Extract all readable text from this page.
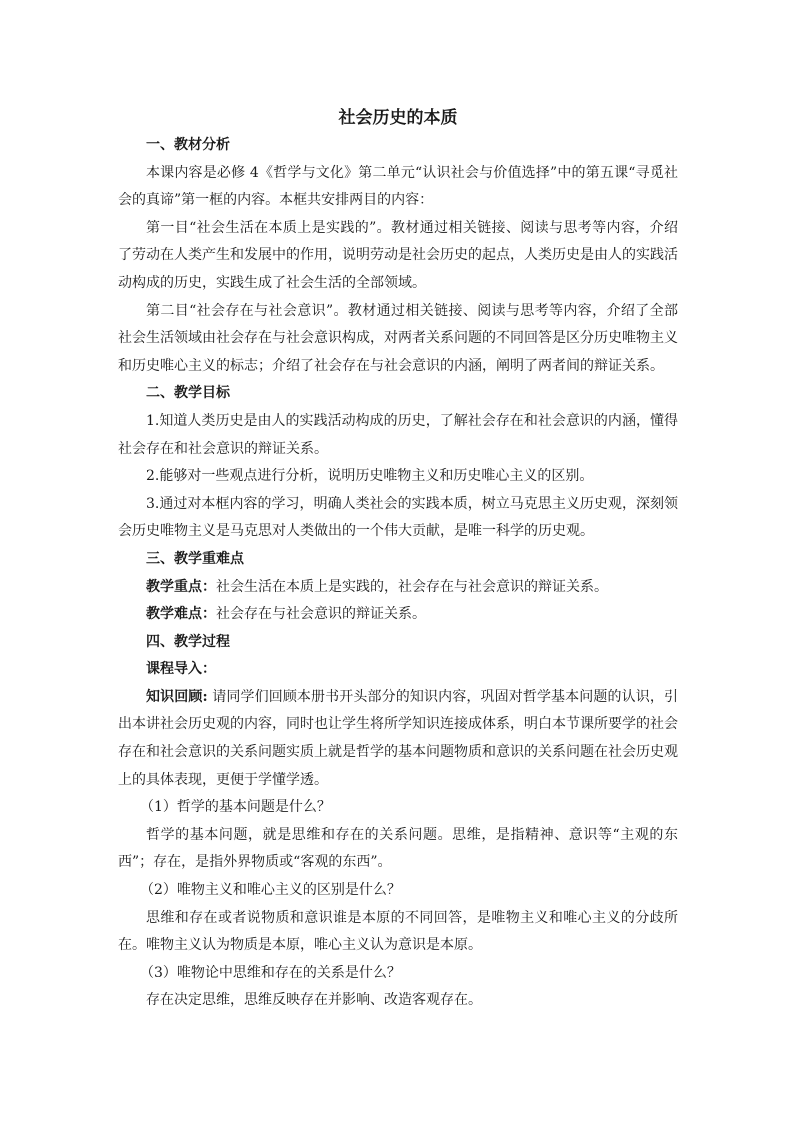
社会历史的本质

一、教材分析

本课内容是必修 4《哲学与文化》第二单元“认识社会与价值选择”中的第五课“寻觅社会的真谛”第一框的内容。本框共安排两目的内容：

第一目“社会生活在本质上是实践的”。教材通过相关链接、阅读与思考等内容，介绍了劳动在人类产生和发展中的作用，说明劳动是社会历史的起点，人类历史是由人的实践活动构成的历史，实践生成了社会生活的全部领域。

第二目“社会存在与社会意识”。教材通过相关链接、阅读与思考等内容，介绍了全部社会生活领域由社会存在与社会意识构成，对两者关系问题的不同回答是区分历史唯物主义和历史唯心主义的标志；介绍了社会存在与社会意识的内涵，阐明了两者间的辩证关系。

二、教学目标

1.知道人类历史是由人的实践活动构成的历史，了解社会存在和社会意识的内涵，懂得社会存在和社会意识的辩证关系。

2.能够对一些观点进行分析，说明历史唯物主义和历史唯心主义的区别。

3.通过对本框内容的学习，明确人类社会的实践本质，树立马克思主义历史观，深刻领会历史唯物主义是马克思对人类做出的一个伟大贡献，是唯一科学的历史观。

三、教学重难点

教学重点：社会生活在本质上是实践的，社会存在与社会意识的辩证关系。

教学难点：社会存在与社会意识的辩证关系。

四、教学过程

课程导入：

知识回顾: 请同学们回顾本册书开头部分的知识内容，巩固对哲学基本问题的认识，引出本讲社会历史观的内容，同时也让学生将所学知识连接成体系，明白本节课所要学的社会存在和社会意识的关系问题实质上就是哲学的基本问题物质和意识的关系问题在社会历史观上的具体表现，更便于学懂学透。

（1）哲学的基本问题是什么？

哲学的基本问题，就是思维和存在的关系问题。思维，是指精神、意识等“主观的东西”；存在，是指外界物质或“客观的东西”。

（2）唯物主义和唯心主义的区别是什么？

思维和存在或者说物质和意识谁是本原的不同回答，是唯物主义和唯心主义的分歧所在。唯物主义认为物质是本原，唯心主义认为意识是本原。

（3）唯物论中思维和存在的关系是什么？

存在决定思维，思维反映存在并影响、改造客观存在。
